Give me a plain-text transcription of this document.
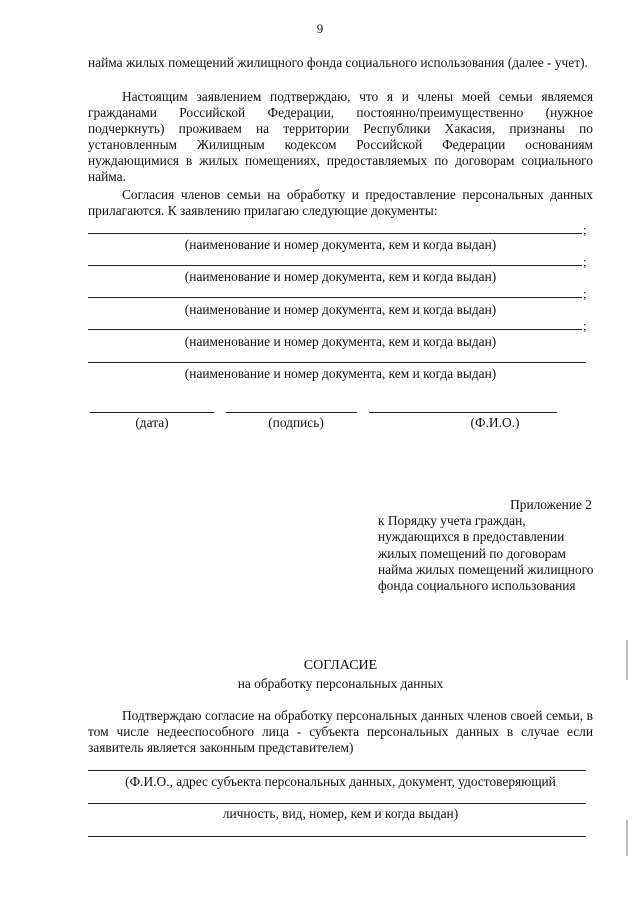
9
найма жилых помещений жилищного фонда социального использования (далее - учет).
Настоящим заявлением подтверждаю, что я и члены моей семьи являемся гражданами Российской Федерации, постоянно/преимущественно (нужное подчеркнуть) проживаем на территории Республики Хакасия, признаны по установленным Жилищным кодексом Российской Федерации основаниям нуждающимися в жилых помещениях, предоставляемых по договорам социального найма.
Согласия членов семьи на обработку и предоставление персональных данных прилагаются. К заявлению прилагаю следующие документы:
;
(наименование и номер документа, кем и когда выдан)
;
(наименование и номер документа, кем и когда выдан)
;
(наименование и номер документа, кем и когда выдан)
;
(наименование и номер документа, кем и когда выдан)
(наименование и номер документа, кем и когда выдан)
(дата)	(подпись)	(Ф.И.О.)
Приложение 2
к Порядку учета граждан, нуждающихся в предоставлении жилых помещений по договорам найма жилых помещений жилищного фонда социального использования
СОГЛАСИЕ
на обработку персональных данных
Подтверждаю согласие на обработку персональных данных членов своей семьи, в том числе недееспособного лица - субъекта персональных данных в случае если заявитель является законным представителем)
(Ф.И.О., адрес субъекта персональных данных, документ, удостоверяющий
личность, вид, номер, кем и когда выдан)
